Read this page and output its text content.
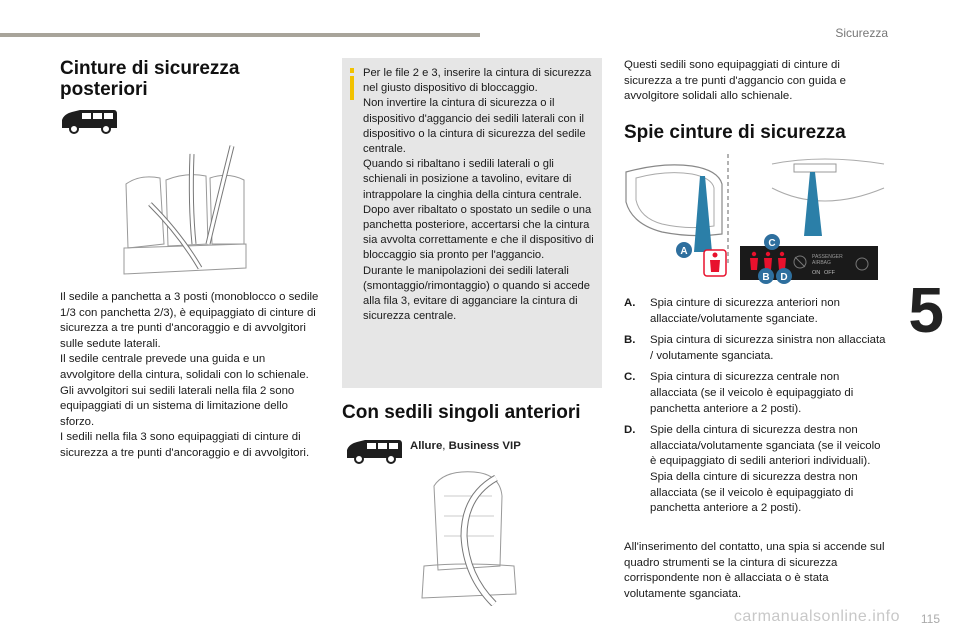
Sicurezza
5
Cinture di sicurezza posteriori

Il sedile a panchetta a 3 posti (monoblocco o sedile 1/3 con panchetta 2/3), è equipaggiato di cinture di sicurezza a tre punti d'ancoraggio e di avvolgitori sulle sedute laterali.
Il sedile centrale prevede una guida e un avvolgitore della cintura, solidali con lo schienale.
Gli avvolgitori sui sedili laterali nella fila 2 sono equipaggiati di un sistema di limitazione dello sforzo.
I sedili nella fila 3 sono equipaggiati di cinture di sicurezza a tre punti d'ancoraggio e di avvolgitori.

Per le file 2 e 3, inserire la cintura di sicurezza nel giusto dispositivo di bloccaggio.
Non invertire la cintura di sicurezza o il dispositivo d'aggancio dei sedili laterali con il dispositivo o la cintura di sicurezza del sedile centrale.
Quando si ribaltano i sedili laterali o gli schienali in posizione a tavolino, evitare di intrappolare la cinghia della cintura centrale.
Dopo aver ribaltato o spostato un sedile o una panchetta posteriore, accertarsi che la cintura sia avvolta correttamente e che il dispositivo di bloccaggio sia pronto per l'aggancio.
Durante le manipolazioni dei sedili laterali (smontaggio/rimontaggio) o quando si accede alla fila 3, evitare di agganciare la cintura di sicurezza centrale.

Con sedili singoli anteriori
Allure, Business VIP

Questi sedili sono equipaggiati di cinture di sicurezza a tre punti d'aggancio con guida e avvolgitore solidali allo schienale.

Spie cinture di sicurezza
PASSENGER
AIRBAG
ON OFF
A
C
B D
A. Spia cinture di sicurezza anteriori non allacciate/volutamente sganciate.
B. Spia cintura di sicurezza sinistra non allacciata / volutamente sganciata.
C. Spia cintura di sicurezza centrale non allacciata (se il veicolo è equipaggiato di panchetta anteriore a 2 posti).
D. Spie della cintura di sicurezza destra non allacciata/volutamente sganciata (se il veicolo è equipaggiato di sedili anteriori individuali).
Spia della cinture di sicurezza destra non allacciata (se il veicolo è equipaggiato di panchetta anteriore a 2 posti).

All'inserimento del contatto, una spia si accende sul quadro strumenti se la cintura di sicurezza corrispondente non è allacciata o è stata volutamente sganciata.

carmanualsonline.info 115
